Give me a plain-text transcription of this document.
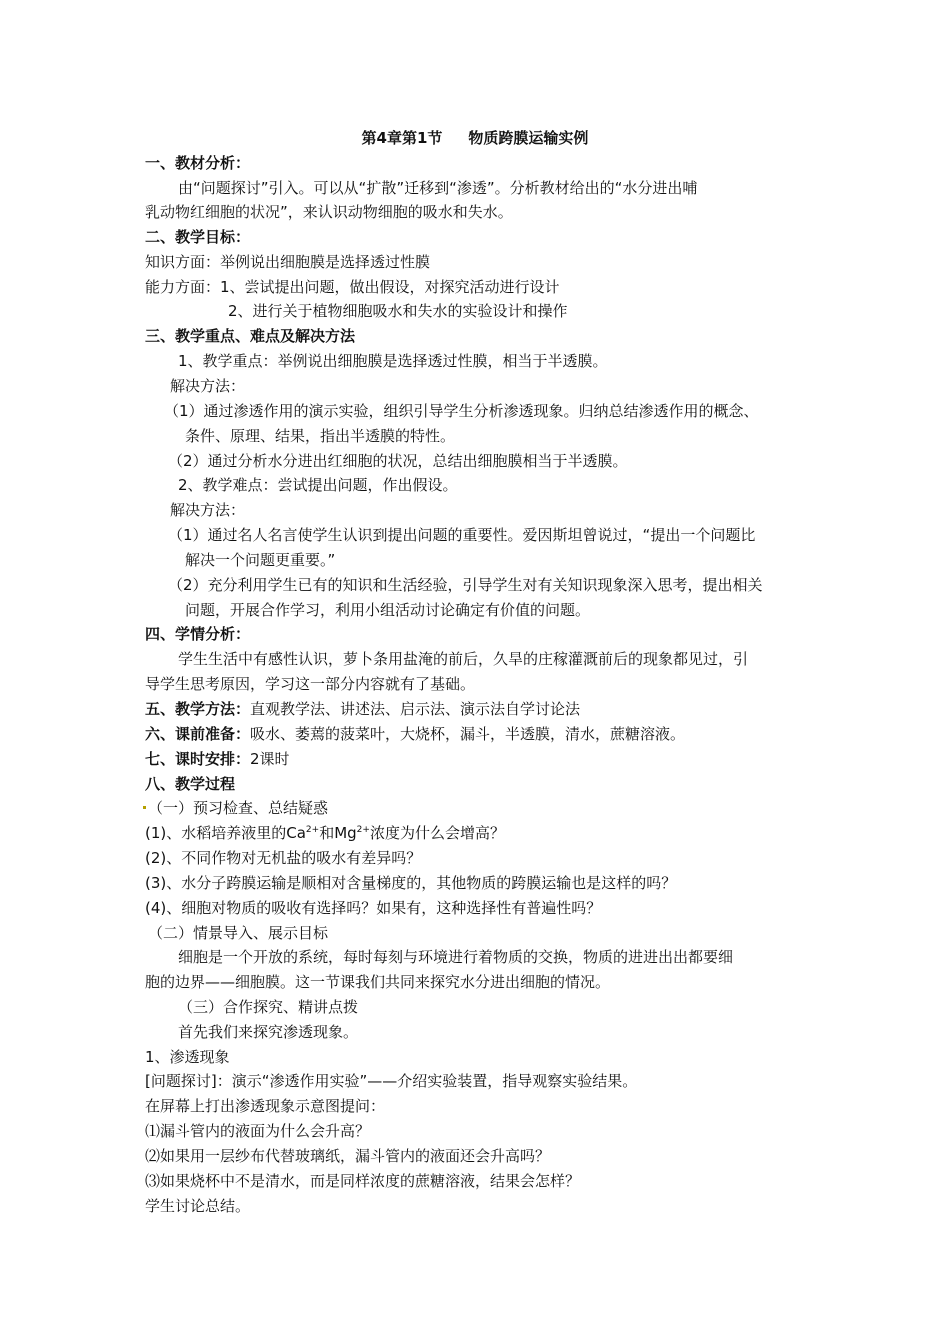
第4章第1节 物质跨膜运输实例
一、教材分析：
由“问题探讨”引入。可以从“扩散”迁移到“渗透”。分析教材给出的“水分进出哺
乳动物红细胞的状况”，来认识动物细胞的吸水和失水。
二、教学目标：
知识方面：举例说出细胞膜是选择透过性膜
能力方面：1、尝试提出问题，做出假设，对探究活动进行设计
2、进行关于植物细胞吸水和失水的实验设计和操作
三、教学重点、难点及解决方法
1、教学重点：举例说出细胞膜是选择透过性膜，相当于半透膜。
解决方法：
（1）通过渗透作用的演示实验，组织引导学生分析渗透现象。归纳总结渗透作用的概念、
条件、原理、结果，指出半透膜的特性。
（2）通过分析水分进出红细胞的状况，总结出细胞膜相当于半透膜。
2、教学难点：尝试提出问题，作出假设。
解决方法：
（1）通过名人名言使学生认识到提出问题的重要性。爱因斯坦曾说过，“提出一个问题比
解决一个问题更重要。”
（2）充分利用学生已有的知识和生活经验，引导学生对有关知识现象深入思考，提出相关
问题，开展合作学习，利用小组活动讨论确定有价值的问题。
四、学情分析：
学生生活中有感性认识，萝卜条用盐淹的前后，久旱的庄稼灌溉前后的现象都见过，引
导学生思考原因，学习这一部分内容就有了基础。
五、教学方法：直观教学法、讲述法、启示法、演示法自学讨论法
六、课前准备：吸水、萎蔫的菠菜叶，大烧杯，漏斗，半透膜，清水，蔗糖溶液。
七、课时安排：2课时
八、教学过程
（一）预习检查、总结疑惑
(1)、水稻培养液里的$Ca^{2+}$和$Mg^{2+}$浓度为什么会增高？
(2)、不同作物对无机盐的吸水有差异吗？
(3)、水分子跨膜运输是顺相对含量梯度的，其他物质的跨膜运输也是这样的吗？
(4)、细胞对物质的吸收有选择吗？如果有，这种选择性有普遍性吗？
（二）情景导入、展示目标
细胞是一个开放的系统，每时每刻与环境进行着物质的交换，物质的进进出出都要细
胞的边界——细胞膜。这一节课我们共同来探究水分进出细胞的情况。
（三）合作探究、精讲点拨
首先我们来探究渗透现象。
1、渗透现象
[问题探讨]：演示“渗透作用实验”——介绍实验装置，指导观察实验结果。
在屏幕上打出渗透现象示意图提问：
⑴漏斗管内的液面为什么会升高？
⑵如果用一层纱布代替玻璃纸，漏斗管内的液面还会升高吗？
⑶如果烧杯中不是清水，而是同样浓度的蔗糖溶液，结果会怎样？
学生讨论总结。
